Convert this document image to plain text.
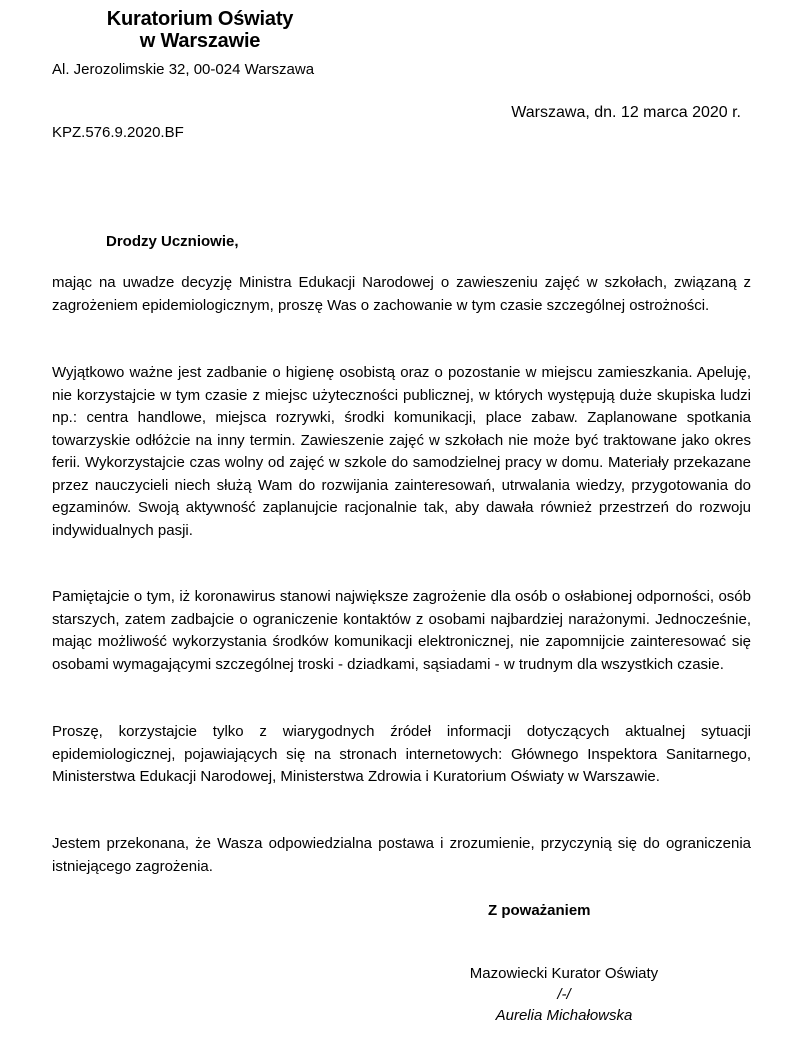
Kuratorium Oświaty
w Warszawie
Al. Jerozolimskie 32, 00-024 Warszawa
Warszawa, dn. 12 marca 2020 r.
KPZ.576.9.2020.BF
Drodzy Uczniowie,
mając na uwadze decyzję Ministra Edukacji Narodowej o zawieszeniu zajęć w szkołach, związaną z zagrożeniem epidemiologicznym, proszę Was o zachowanie w tym czasie szczególnej ostrożności.
Wyjątkowo ważne jest zadbanie o higienę osobistą oraz o pozostanie w miejscu zamieszkania. Apeluję, nie korzystajcie w tym czasie z miejsc użyteczności publicznej, w których występują duże skupiska ludzi np.: centra handlowe, miejsca rozrywki, środki komunikacji, place zabaw. Zaplanowane spotkania towarzyskie odłóżcie na inny termin. Zawieszenie zajęć w szkołach nie może być traktowane jako okres ferii. Wykorzystajcie czas wolny od zajęć w szkole do samodzielnej pracy w domu. Materiały przekazane przez nauczycieli niech służą Wam do rozwijania zainteresowań, utrwalania wiedzy, przygotowania do egzaminów. Swoją aktywność zaplanujcie racjonalnie tak, aby dawała również przestrzeń do rozwoju indywidualnych pasji.
Pamiętajcie o tym, iż koronawirus stanowi największe zagrożenie dla osób o osłabionej odporności, osób starszych, zatem zadbajcie o ograniczenie kontaktów z osobami najbardziej narażonymi. Jednocześnie, mając możliwość wykorzystania środków komunikacji elektronicznej, nie zapomnijcie zainteresować się osobami wymagającymi szczególnej troski - dziadkami, sąsiadami - w trudnym dla wszystkich czasie.
Proszę, korzystajcie tylko z wiarygodnych źródeł informacji dotyczących aktualnej sytuacji epidemiologicznej, pojawiających się na stronach internetowych: Głównego Inspektora Sanitarnego, Ministerstwa Edukacji Narodowej, Ministerstwa Zdrowia i Kuratorium Oświaty w Warszawie.
Jestem przekonana, że Wasza odpowiedzialna postawa i zrozumienie, przyczynią się do ograniczenia istniejącego zagrożenia.
Z poważaniem
Mazowiecki Kurator Oświaty
/-/
Aurelia Michałowska
